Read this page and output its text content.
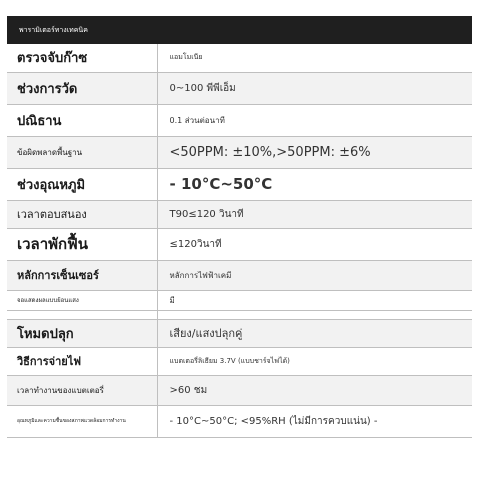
พารามิเตอร์ทางเทคนิค
ตรวจจับก๊าซ	แอมโมเนีย
ช่วงการวัด	0~100 พีพีเอ็ม
ปณิธาน	0.1 ส่วนต่อนาที
ข้อผิดพลาดพื้นฐาน	<50PPM: ±10%,>50PPM: ±6%
ช่วงอุณหภูมิ	- 10°C~50°C
เวลาตอบสนอง	T90≤120 วินาที
เวลาพักฟื้น	≤120วินาที
หลักการเซ็นเซอร์	หลักการไฟฟ้าเคมี
จอแสดงผลแบบย้อนแสง	มี

โหมดปลุก	เสียง/แสงปลุกคู่
วิธีการจ่ายไฟ	แบตเตอรี่ลิเธียม 3.7V (แบบชาร์จไฟได้)
เวลาทำงานของแบตเตอรี่	>60 ชม
อุณหภูมิและความชื้นของสภาพแวดล้อมการทำงาน	- 10°C~50°C; <95%RH (ไม่มีการควบแน่น) -
